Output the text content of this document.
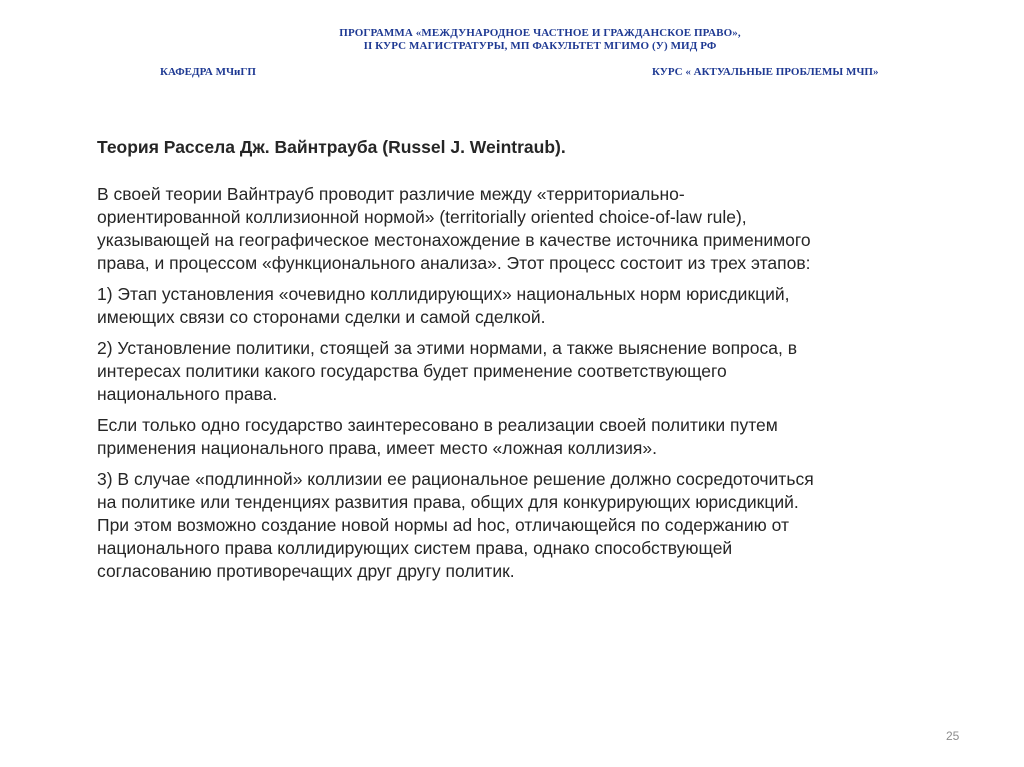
ПРОГРАММА «МЕЖДУНАРОДНОЕ ЧАСТНОЕ И ГРАЖДАНСКОЕ ПРАВО»,
II КУРС МАГИСТРАТУРЫ, МП ФАКУЛЬТЕТ МГИМО (У) МИД РФ
КАФЕДРА МЧиГП	КУРС « АКТУАЛЬНЫЕ ПРОБЛЕМЫ МЧП»
Теория Рассела Дж. Вайнтрауба (Russel J. Weintraub).
В своей теории Вайнтрауб проводит различие между «территориально-
ориентированной коллизионной нормой» (territorially oriented choice-of-law rule),
указывающей на географическое местонахождение в качестве источника применимого
права, и процессом «функционального анализа». Этот процесс состоит из трех этапов:
1) Этап установления «очевидно коллидирующих» национальных норм юрисдикций,
имеющих связи со сторонами сделки и самой сделкой.
2) Установление политики, стоящей за этими нормами, а также выяснение вопроса, в
интересах политики какого государства будет применение соответствующего
национального права.
Если только одно государство заинтересовано в реализации своей политики путем
применения национального права, имеет место «ложная коллизия».
3) В случае «подлинной» коллизии ее рациональное решение должно сосредоточиться
на политике или тенденциях развития права, общих для конкурирующих юрисдикций.
При этом возможно создание новой нормы ad hoc, отличающейся по содержанию от
национального права коллидирующих систем права, однако способствующей
согласованию противоречащих друг другу политик.
25
